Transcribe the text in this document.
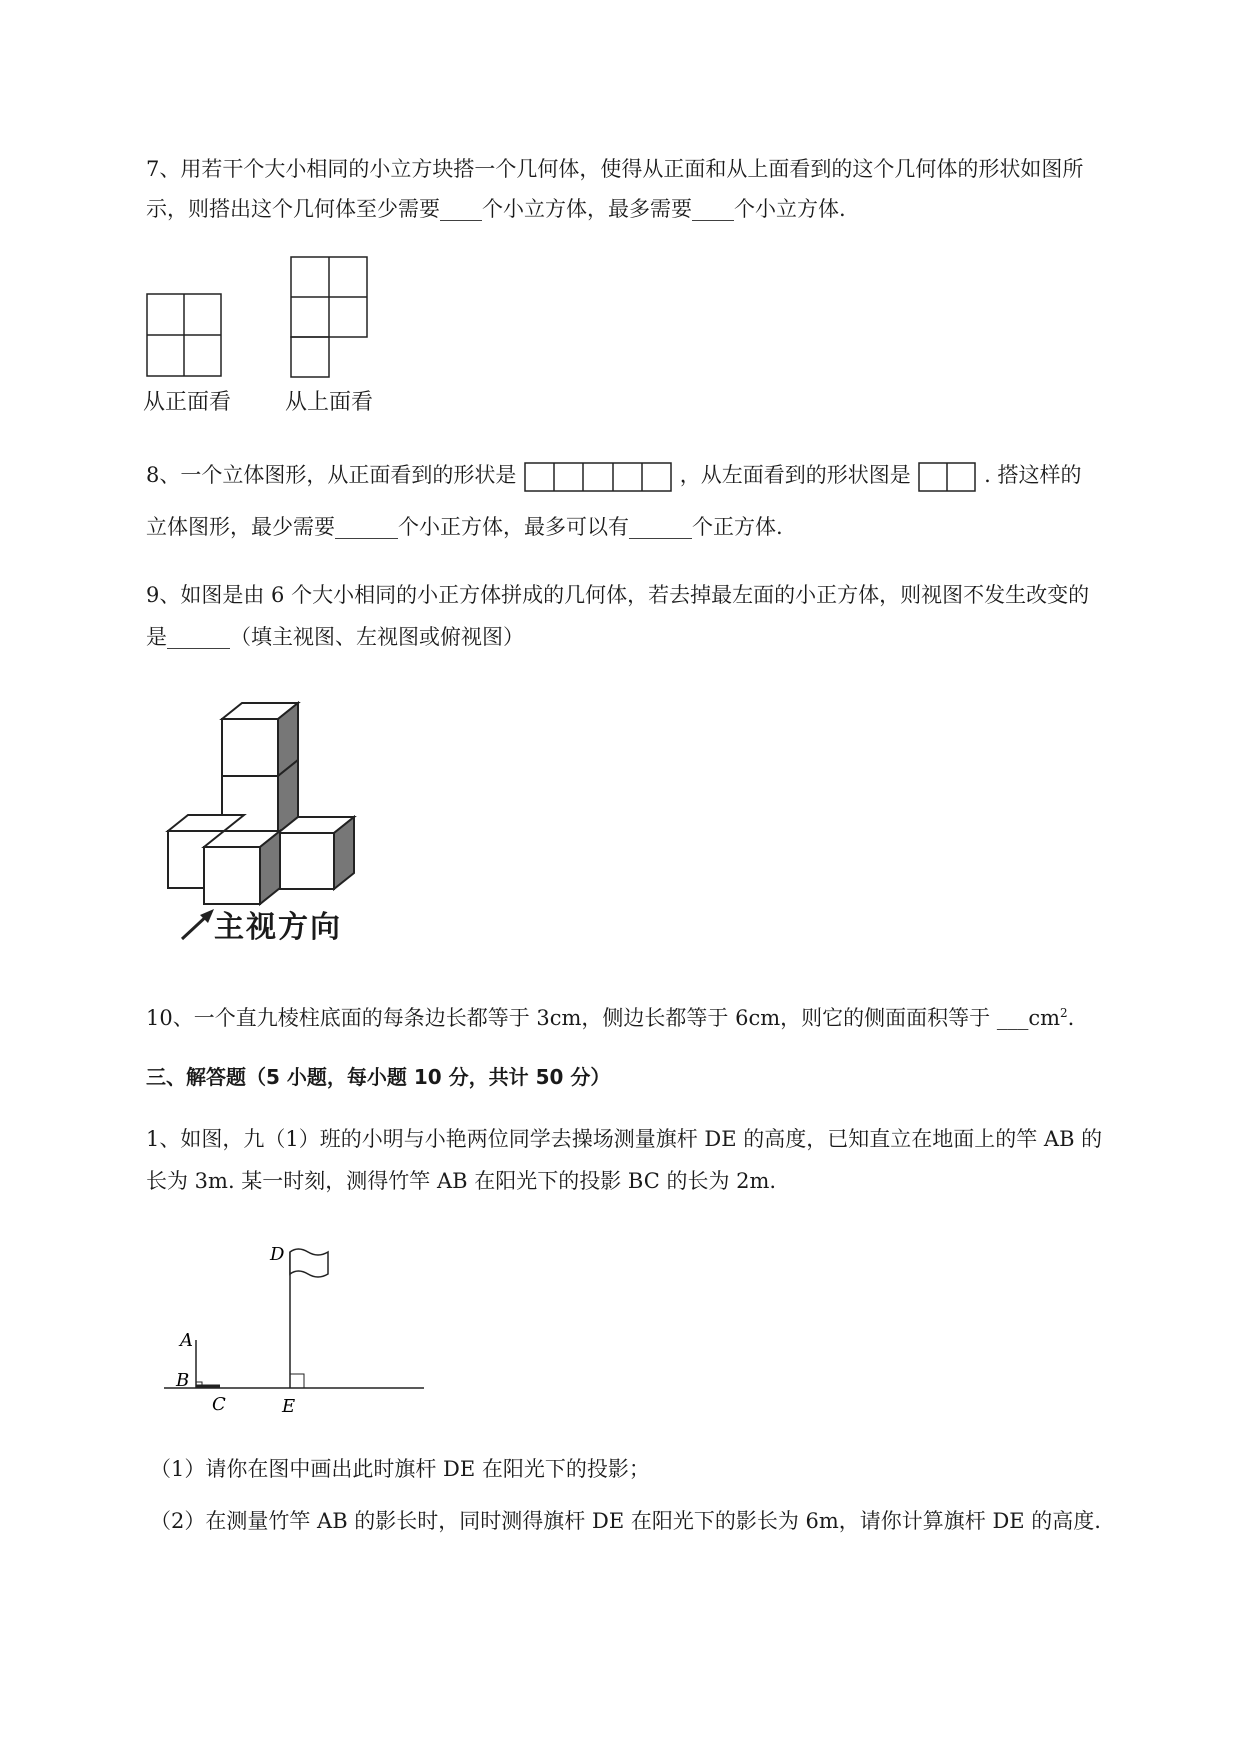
7、用若干个大小相同的小立方块搭一个几何体，使得从正面和从上面看到的这个几何体的形状如图所
示，则搭出这个几何体至少需要____个小立方体，最多需要____个小立方体.
从正面看 从上面看
8、一个立体图形，从正面看到的形状是	，从左面看到的形状图是	. 搭这样的
立体图形，最少需要______个小正方体，最多可以有______个正方体.
9、如图是由 6 个大小相同的小正方体拼成的几何体，若去掉最左面的小正方体，则视图不发生改变的
是______（填主视图、左视图或俯视图）
主视方向
10、一个直九棱柱底面的每条边长都等于 3cm，侧边长都等于 6cm，则它的侧面面积等于 $\_\_\_cm^2$.
三、解答题（5 小题，每小题 10 分，共计 50 分）
1、如图，九（1）班的小明与小艳两位同学去操场测量旗杆 DE 的高度，已知直立在地面上的竿 AB 的
长为 3m. 某一时刻，测得竹竿 AB 在阳光下的投影 BC 的长为 2m.
A
B
C
D
E
（1）请你在图中画出此时旗杆 DE 在阳光下的投影；
（2）在测量竹竿 AB 的影长时，同时测得旗杆 DE 在阳光下的影长为 6m，请你计算旗杆 DE 的高度.
